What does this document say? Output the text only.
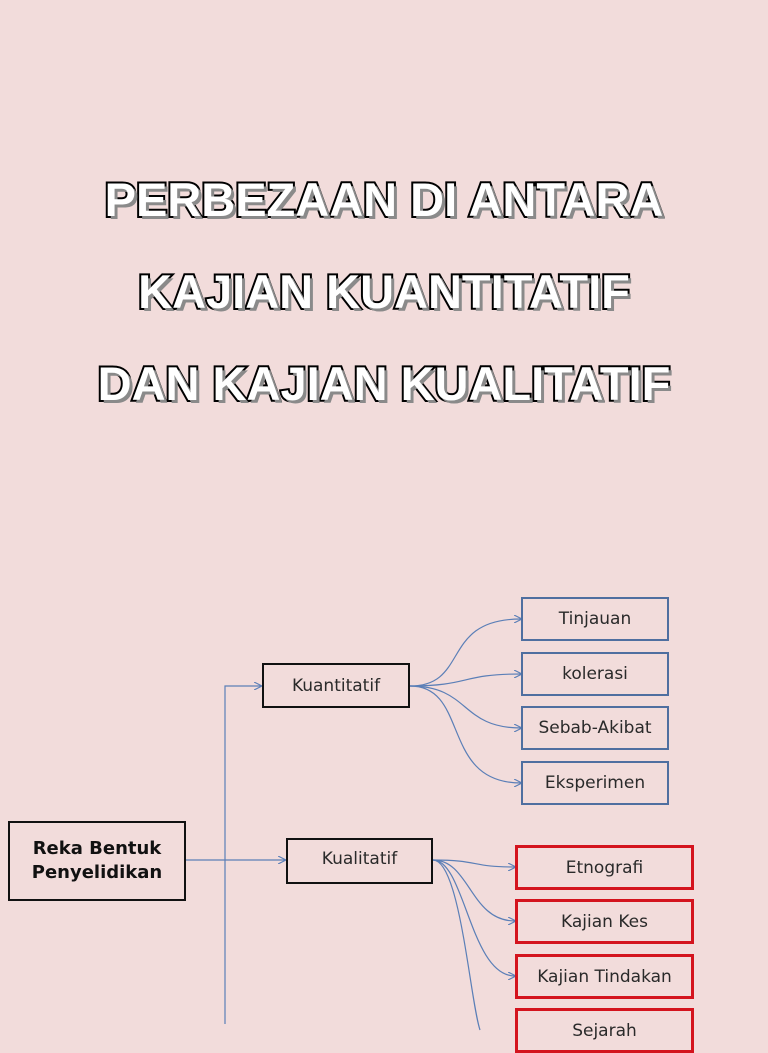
PERBEZAAN DI ANTARA
KAJIAN KUANTITATIF
DAN KAJIAN KUALITATIF
Reka Bentuk
Penyelidikan
Kuantitatif
Kualitatif
Tinjauan
kolerasi
Sebab-Akibat
Eksperimen
Etnografi
Kajian Kes
Kajian Tindakan
Sejarah
